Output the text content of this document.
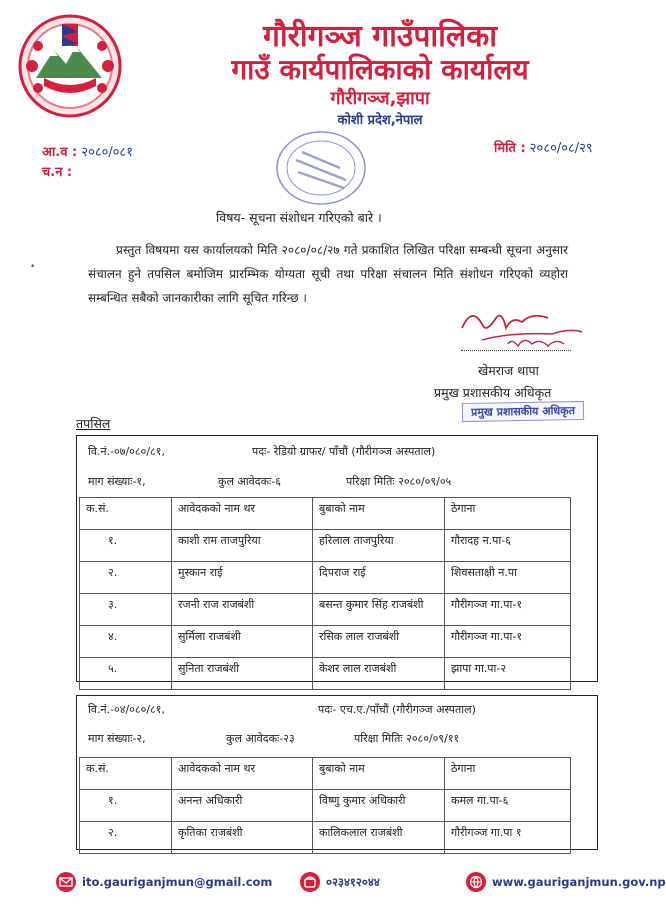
गौरीगञ्ज गाउँपालिका
गाउँ कार्यपालिकाको कार्यालय
गौरीगञ्ज,झापा
कोशी प्रदेश,नेपाल
आ.व : २०८०/०८१
च.न :
मिति : २०८०/०८/२९
विषय- सूचना संशोधन गरिएको बारे ।
प्रस्तुत विषयमा यस कार्यालयको मिति २०८०/०८/२७ गते प्रकाशित लिखित परिक्षा सम्बन्धी सूचना अनुसार संचालन हुने तपसिल बमोजिम प्रारम्भिक योग्यता सूची तथा परिक्षा संचालन मिति संशोधन गरिएको व्यहोरा सम्बन्धित सबैको जानकारीका लागि सूचित गरिन्छ ।
•
खेमराज थापा
प्रमुख प्रशासकीय अधिकृत
प्रमुख प्रशासकीय अधिकृत
तपसिल
वि.नं.-०७/०८०/८१,	पदः- रेडियो ग्राफर/ पाँचौं (गौरीगञ्ज अस्पताल)
माग संख्याः-१,	कुल आवेदकः-६	परिक्षा मितिः २०८०/०९/०५
क.सं.	आवेदकको नाम थर	बुबाको नाम	ठेगाना
१.	काशी राम ताजपुरिया	हरिलाल ताजपुरिया	गौरादह न.पा-६
२.	मुस्कान राई	दिपराज राई	शिवसताक्षी न.पा
३.	रजनी राज राजबंशी	बसन्त कुमार सिंह राजबंशी	गौरीगञ्ज गा.पा-१
४.	सुर्मिला राजबंशी	रसिक लाल राजबंशी	गौरीगञ्ज गा.पा-१
५.	सुनिता राजबंशी	केशर लाल राजबंशी	झापा गा.पा-२
वि.नं.-०४/०८०/८१,	पदः- एच.ए./पाँचौं (गौरीगञ्ज अस्पताल)
माग संख्याः-२,	कुल आवेदकः-२३	परिक्षा मितिः २०८०/०९/११
क.सं.	आवेदकको नाम थर	बुबाको नाम	ठेगाना
१.	अनन्त अधिकारी	विष्णु कुमार अधिकारी	कमल गा.पा-६
२.	कृतिका राजबंशी	कालिकलाल राजबंशी	गौरीगञ्ज गा.पा १
ito.gauriganjmun@gmail.com	०२३४१२०४४	www.gauriganjmun.gov.np
